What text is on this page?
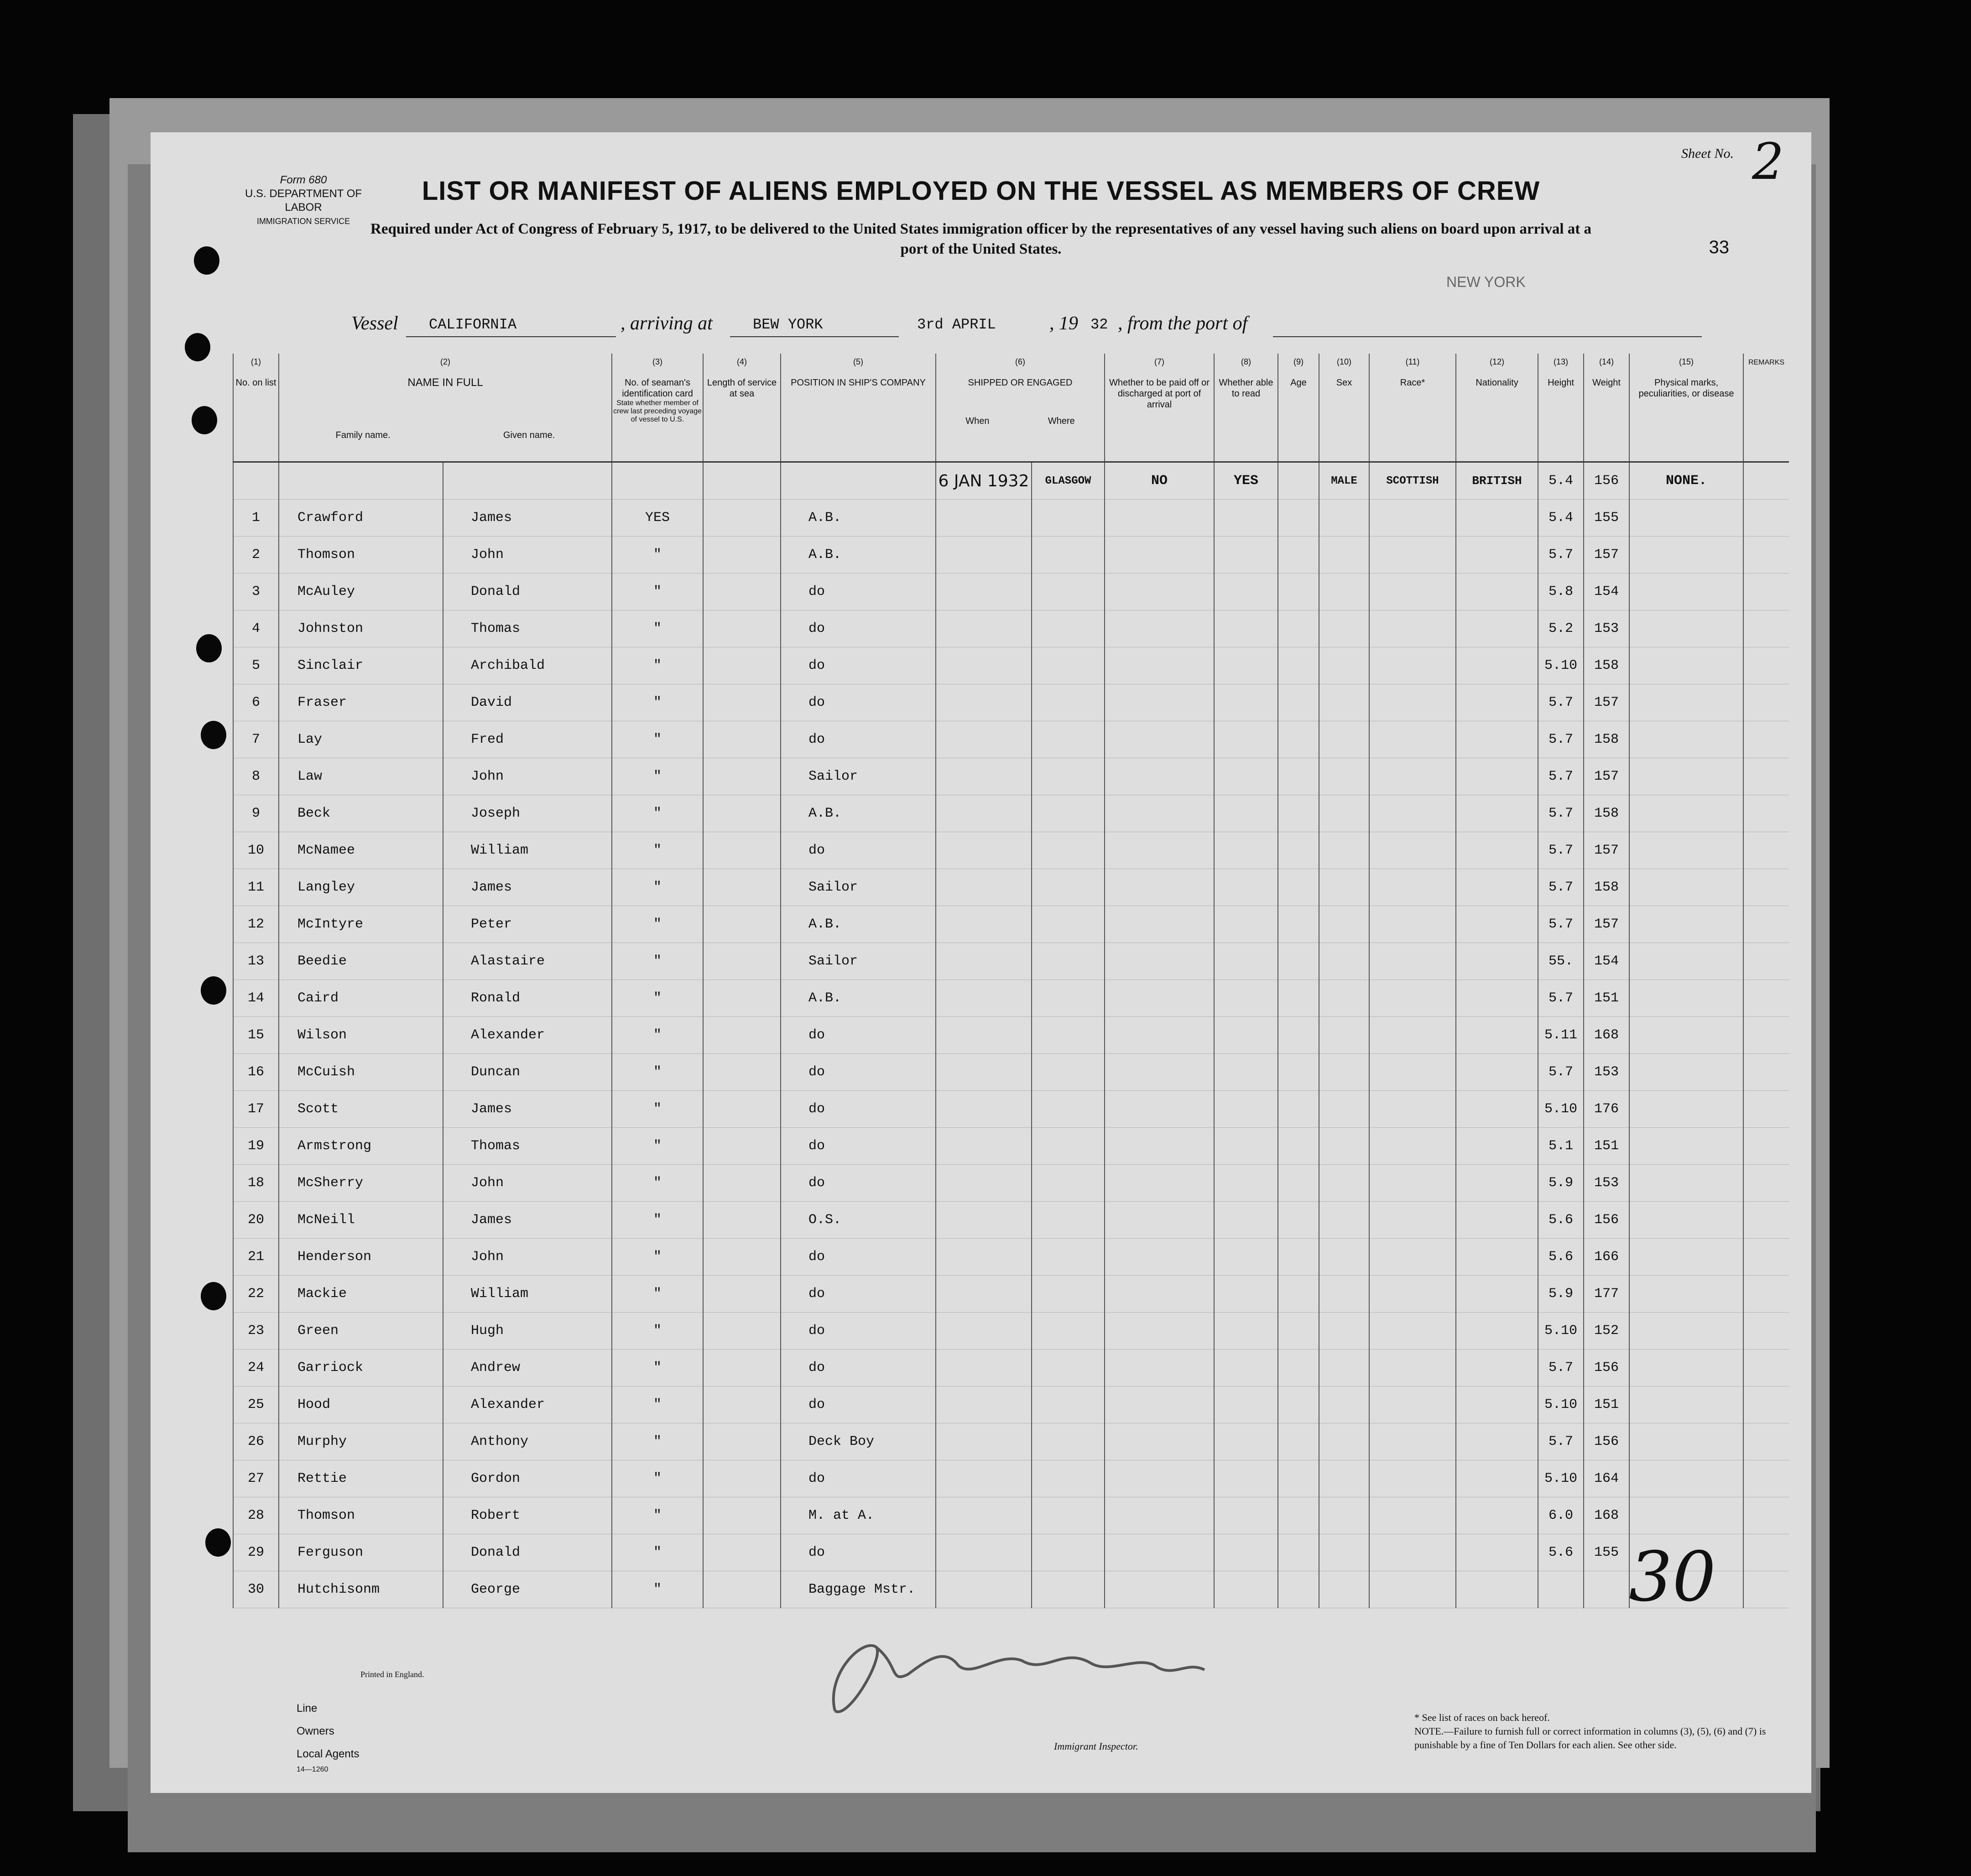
Form 680
U.S. DEPARTMENT OF LABOR
IMMIGRATION SERVICE
Sheet No. 2
33
LIST OR MANIFEST OF ALIENS EMPLOYED ON THE VESSEL AS MEMBERS OF CREW
Required under Act of Congress of February 5, 1917, to be delivered to the United States immigration officer by the representatives of any vessel having such aliens on board upon arrival at a port of the United States.
NEW YORK
Vessel CALIFORNIA	, arriving at	BEW YORK	3rd APRIL	, 19 32 , from the port of
(1)
No. on list	(2)
NAME IN FULL
Family name. Given name.		(3)
No. of seaman's identification card
State whether member of crew last preceding voyage of vessel to U.S.	(4)
Length of service at sea	(5)
POSITION IN SHIP'S COMPANY	(6)
SHIPPED OR ENGAGED
When Where		(7)
Whether to be paid off or discharged at port of arrival	(8)
Whether able to read	(9)
Age	(10)
Sex	(11)
Race*	(12)
Nationality	(13)
Height	(14)
Weight	(15)
Physical marks, peculiarities, or disease	REMARKS
						6 JAN 1932	GLASGOW	NO	YES		MALE	SCOTTISH	BRITISH	5.4	156	NONE.	
1	Crawford	James	YES		A.B.									5.4	155		
2	Thomson	John	"		A.B.									5.7	157		
3	McAuley	Donald	"		do									5.8	154		
4	Johnston	Thomas	"		do									5.2	153		
5	Sinclair	Archibald	"		do									5.10	158		
6	Fraser	David	"		do									5.7	157		
7	Lay	Fred	"		do									5.7	158		
8	Law	John	"		Sailor									5.7	157		
9	Beck	Joseph	"		A.B.									5.7	158		
10	McNamee	William	"		do									5.7	157		
11	Langley	James	"		Sailor									5.7	158		
12	McIntyre	Peter	"		A.B.									5.7	157		
13	Beedie	Alastaire	"		Sailor									55.	154		
14	Caird	Ronald	"		A.B.									5.7	151		
15	Wilson	Alexander	"		do									5.11	168		
16	McCuish	Duncan	"		do									5.7	153		
17	Scott	James	"		do									5.10	176		
19	Armstrong	Thomas	"		do									5.1	151		
18	McSherry	John	"		do									5.9	153		
20	McNeill	James	"		O.S.									5.6	156		
21	Henderson	John	"		do									5.6	166		
22	Mackie	William	"		do									5.9	177		
23	Green	Hugh	"		do									5.10	152		
24	Garriock	Andrew	"		do									5.7	156		
25	Hood	Alexander	"		do									5.10	151		
26	Murphy	Anthony	"		Deck Boy									5.7	156		
27	Rettie	Gordon	"		do									5.10	164		
28	Thomson	Robert	"		M. at A.									6.0	168		
29	Ferguson	Donald	"		do									5.6	155		
30	Hutchisonm	George	"		Baggage Mstr.													30
Printed in England.
Line
Owners
Local Agents
14—1260
Immigrant Inspector.
* See list of races on back hereof.
NOTE.—Failure to furnish full or correct information in columns (3), (5), (6) and (7) is punishable by a fine of Ten Dollars for each alien. See other side.
